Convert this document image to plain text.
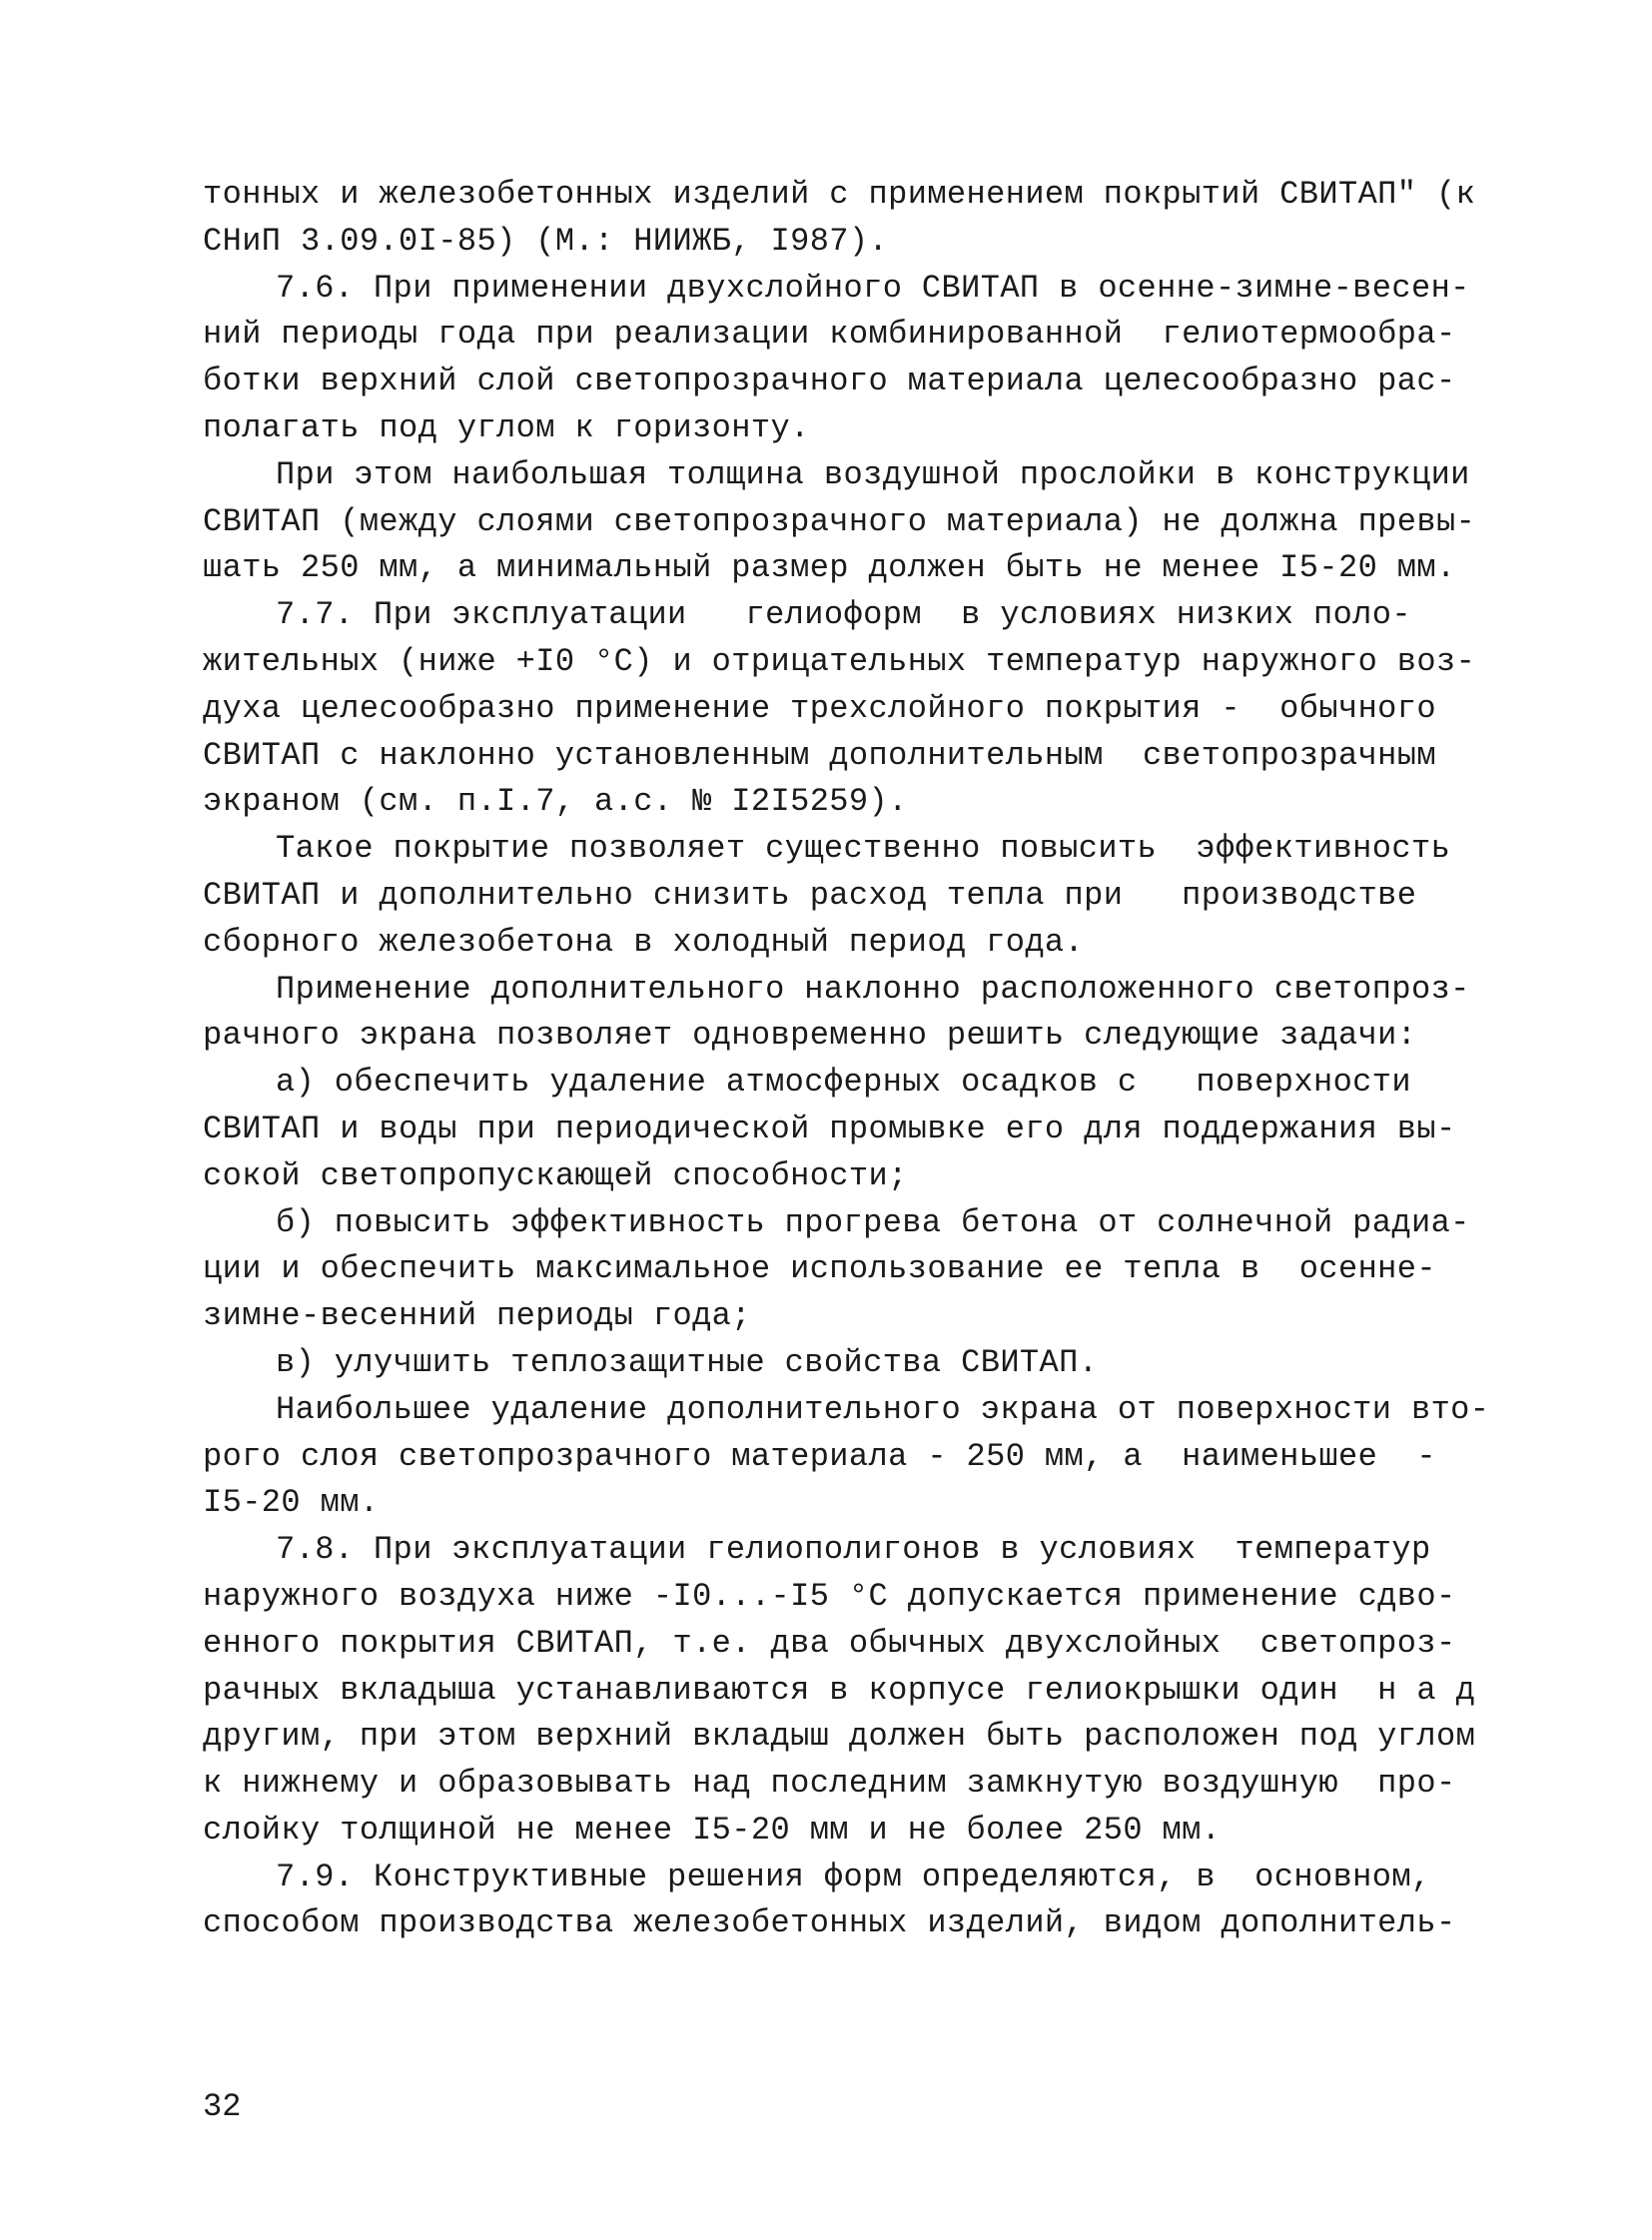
тонных и железобетонных изделий с применением покрытий СВИТАП" (к
СНиП 3.09.0I-85) (М.: НИИЖБ, I987).
7.6. При применении двухслойного СВИТАП в осенне-зимне-весен-
ний периоды года при реализации комбинированной  гелиотермообра-
ботки верхний слой светопрозрачного материала целесообразно рас-
полагать под углом к горизонту.
При этом наибольшая толщина воздушной прослойки в конструкции
СВИТАП (между слоями светопрозрачного материала) не должна превы-
шать 250 мм, а минимальный размер должен быть не менее I5-20 мм.
7.7. При эксплуатации   гелиоформ  в условиях низких поло-
жительных (ниже +I0 °С) и отрицательных температур наружного воз-
духа целесообразно применение трехслойного покрытия -  обычного
СВИТАП с наклонно установленным дополнительным  светопрозрачным
экраном (см. п.I.7, а.с. № I2I5259).
Такое покрытие позволяет существенно повысить  эффективность
СВИТАП и дополнительно снизить расход тепла при   производстве
сборного железобетона в холодный период года.
Применение дополнительного наклонно расположенного светопроз-
рачного экрана позволяет одновременно решить следующие задачи:
а) обеспечить удаление атмосферных осадков с   поверхности
СВИТАП и воды при периодической промывке его для поддержания вы-
сокой светопропускающей способности;
б) повысить эффективность прогрева бетона от солнечной радиа-
ции и обеспечить максимальное использование ее тепла в  осенне-
зимне-весенний периоды года;
в) улучшить теплозащитные свойства СВИТАП.
Наибольшее удаление дополнительного экрана от поверхности вто-
рого слоя светопрозрачного материала - 250 мм, а  наименьшее  -
I5-20 мм.
7.8. При эксплуатации гелиополигонов в условиях  температур
наружного воздуха ниже -I0...-I5 °С допускается применение сдво-
енного покрытия СВИТАП, т.е. два обычных двухслойных  светопроз-
рачных вкладыша устанавливаются в корпусе гелиокрышки один  н а д
другим, при этом верхний вкладыш должен быть расположен под углом
к нижнему и образовывать над последним замкнутую воздушную  про-
слойку толщиной не менее I5-20 мм и не более 250 мм.
7.9. Конструктивные решения форм определяются, в  основном,
способом производства железобетонных изделий, видом дополнитель-
32
